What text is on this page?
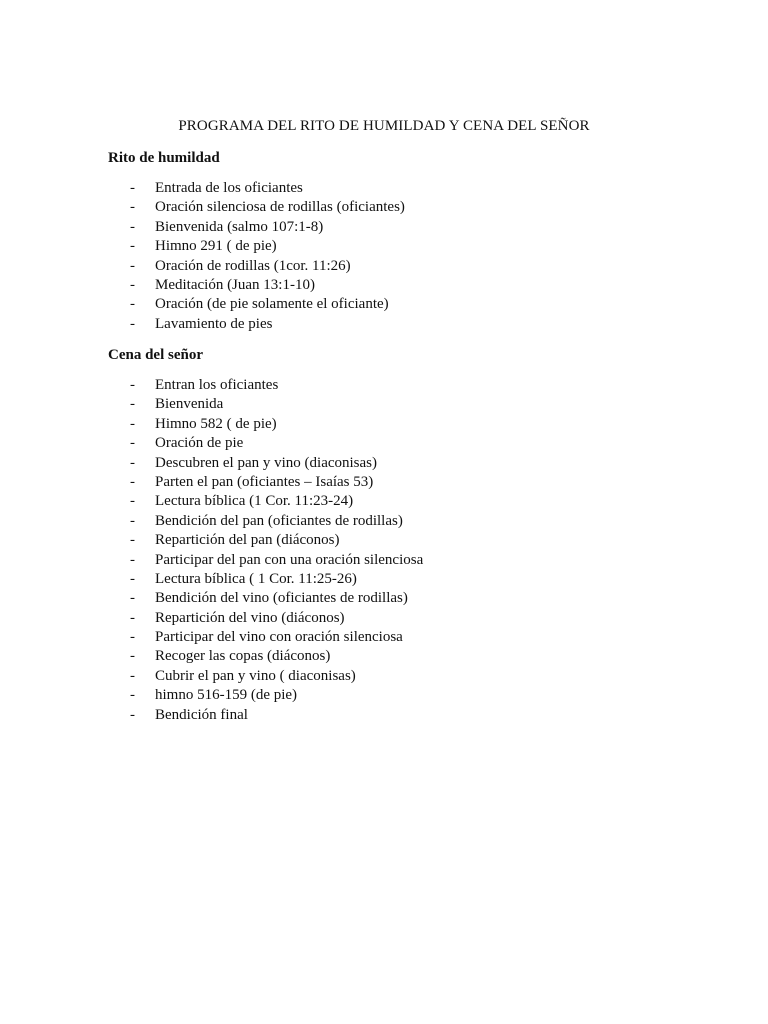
PROGRAMA DEL RITO DE HUMILDAD Y CENA DEL SEÑOR
Rito de humildad
- Entrada de los oficiantes
- Oración silenciosa de rodillas (oficiantes)
- Bienvenida (salmo 107:1-8)
- Himno 291 ( de pie)
- Oración de rodillas (1cor. 11:26)
- Meditación (Juan 13:1-10)
- Oración (de pie solamente el oficiante)
- Lavamiento de pies
Cena del señor
- Entran los oficiantes
- Bienvenida
- Himno 582 ( de pie)
- Oración de pie
- Descubren el pan y vino (diaconisas)
- Parten el pan (oficiantes – Isaías 53)
- Lectura bíblica (1 Cor. 11:23-24)
- Bendición del pan (oficiantes de rodillas)
- Repartición del pan (diáconos)
- Participar del pan con una oración silenciosa
- Lectura bíblica ( 1 Cor. 11:25-26)
- Bendición del vino (oficiantes de rodillas)
- Repartición del vino (diáconos)
- Participar del vino con oración silenciosa
- Recoger las copas (diáconos)
- Cubrir el pan y vino ( diaconisas)
- himno 516-159 (de pie)
- Bendición final
